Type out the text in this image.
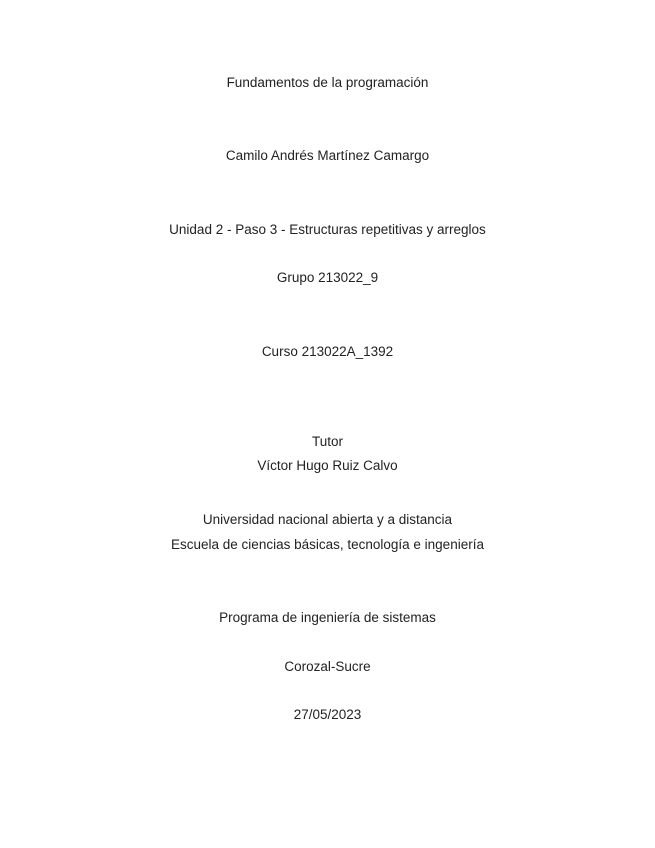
Fundamentos de la programación
Camilo Andrés Martínez Camargo
Unidad 2 - Paso 3 - Estructuras repetitivas y arreglos
Grupo 213022_9
Curso 213022A_1392
Tutor
Víctor Hugo Ruiz Calvo
Universidad nacional abierta y a distancia
Escuela de ciencias básicas, tecnología e ingeniería
Programa de ingeniería de sistemas
Corozal-Sucre
27/05/2023
